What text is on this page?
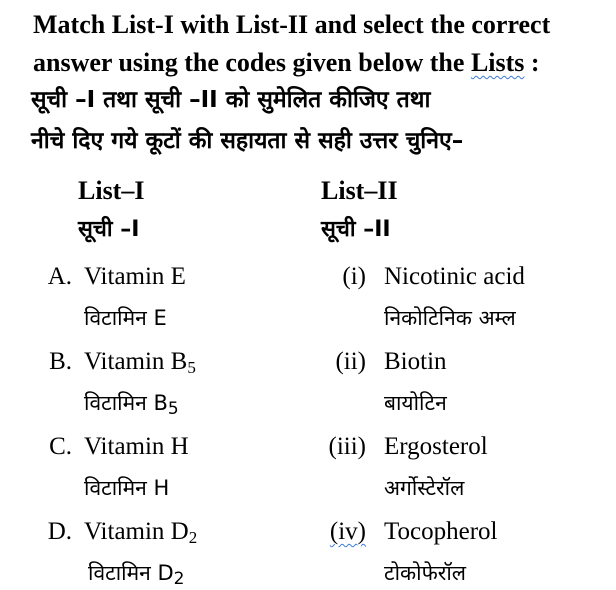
Match List-I with List-II and select the correct
answer using the codes given below the Lists :
सूची –I तथा सूची –II को सुमेलित कीजिए तथा
नीचे दिए गये कूटों की सहायता से सही उत्तर चुनिए–
List–I
सूची –I
List–II
सूची –II
A. Vitamin E
विटामिन E
B. Vitamin $B_5$
विटामिन $B_5$
C. Vitamin H
विटामिन H
D. Vitamin $D_2$
विटामिन $D_2$
(i) Nicotinic acid
निकोटिनिक अम्ल
(ii) Biotin
बायोटिन
(iii) Ergosterol
अर्गोस्टेरॉल
(iv) Tocopherol
टोकोफेरॉल
